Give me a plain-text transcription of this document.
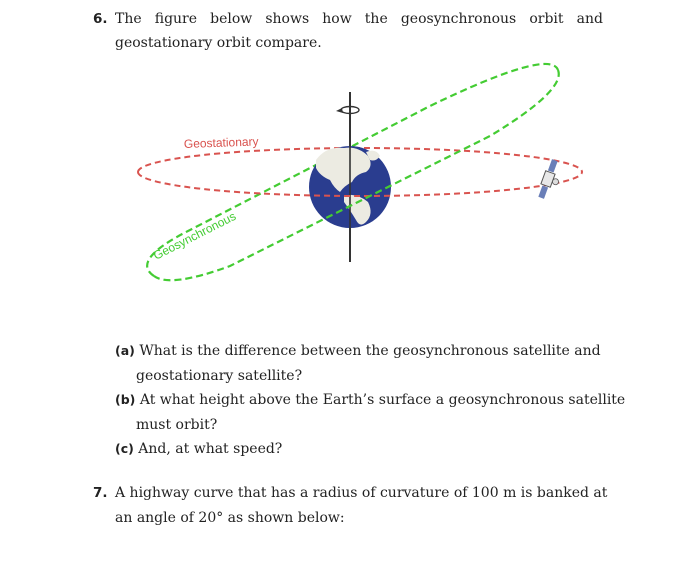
6. The figure below shows how the geosynchronous orbit and
geostationary orbit compare.
Geostationary
Geosynchronous
(a) What is the difference between the geosynchronous satellite and
geostationary satellite?
(b) At what height above the Earth’s surface a geosynchronous satellite
must orbit?
(c) And, at what speed?
7. A highway curve that has a radius of curvature of 100 m is banked at
an angle of 20° as shown below:
